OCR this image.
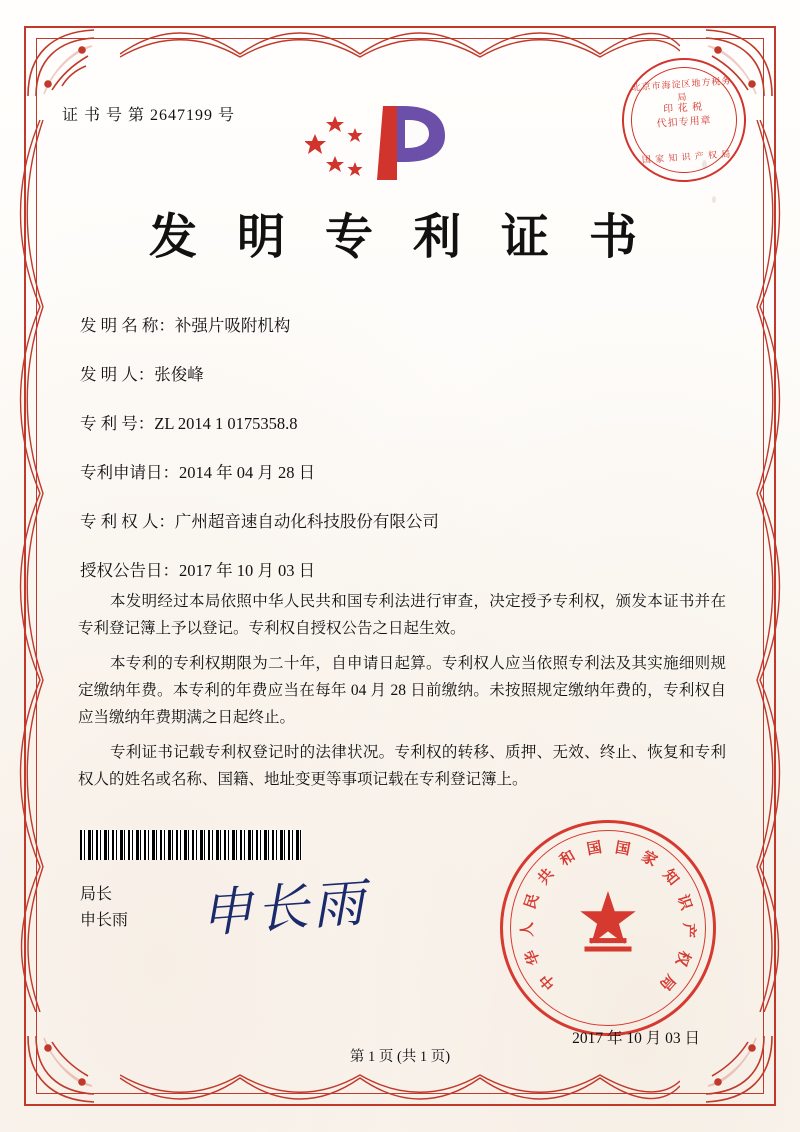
证 书 号 第 2647199 号
北京市海淀区地方税务局
印 花 税
代扣专用章
国 家 知 识 产 权 局
发 明 专 利 证 书
发 明 名 称：补强片吸附机构
发 明 人：张俊峰
专 利 号：ZL 2014 1 0175358.8
专利申请日：2014 年 04 月 28 日
专 利 权 人：广州超音速自动化科技股份有限公司
授权公告日：2017 年 10 月 03 日
本发明经过本局依照中华人民共和国专利法进行审查，决定授予专利权，颁发本证书并在专利登记簿上予以登记。专利权自授权公告之日起生效。
本专利的专利权期限为二十年，自申请日起算。专利权人应当依照专利法及其实施细则规定缴纳年费。本专利的年费应当在每年 04 月 28 日前缴纳。未按照规定缴纳年费的，专利权自应当缴纳年费期满之日起终止。
专利证书记载专利权登记时的法律状况。专利权的转移、质押、无效、终止、恢复和专利权人的姓名或名称、国籍、地址变更等事项记载在专利登记簿上。
局长
申长雨 申长雨
中
华
人
民
共
和 国 国 家
知
识
产
权
局
2017 年 10 月 03 日
第 1 页 (共 1 页)
